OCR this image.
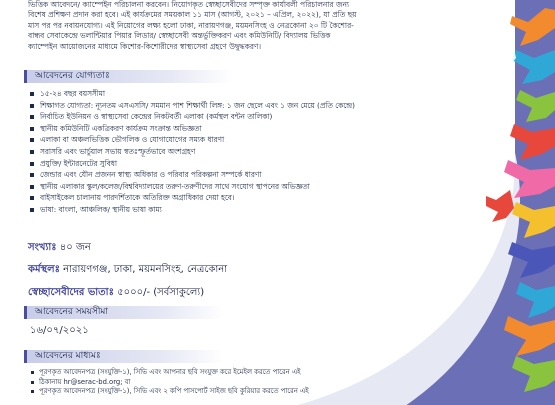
ভিত্তিক আবেদনে/ ক্যাম্পেইন পরিচালনা করবেন। নিয়োগকৃত স্বেচ্ছাসেবীদের সম্পৃক্ত কার্যাবলী পরিচালনার জন্য
বিশেষ প্রশিক্ষণ প্রদান করা হবে। এই কার্যক্রমের সময়কাল ১১ মাস (আগস্ট, ২০২১ – এপ্রিল, ২০২২), যা প্রতি ছয়
মাস পর পর নবায়নযোগ্য। এই নিয়োগের লক্ষ্য হলো ঢাকা, নারায়ণগঞ্জ, ময়মনসিংহ ও নেত্রকোনা ২০ টি কৈশোর-
বান্ধব সেবাকেন্দ্রে ভলান্টিয়ার পিয়ার লিডার/ স্বেচ্ছাসেবী অন্তর্ভুক্তিকরণ এবং কমিউনিটি/ বিদ্যালয় ভিত্তিক
ক্যাম্পেইন আয়োজনের মাধ্যমে কিশোর-কিশোরীদের স্বাস্থ্যসেবা গ্রহণে উদ্বুদ্ধকরণ।
আবেদনের যোগ্যতাঃ
১৫-২৪ বছর বয়সসীমা
শিক্ষাগত যোগ্যতা: ন্যূনতম এসএসসি/ সমমান পাশ শিক্ষার্থী লিঙ্গ: ১ জন ছেলে এবং ১ জন মেয়ে (প্রতি কেন্দ্রে)
নির্বাচিত ইউনিয়ন ও স্বাস্থ্যসেবা কেন্দ্রের নিকটবর্তী এলাকা (কর্মস্থল বন্টন তালিকা)
স্থানীয় কমিউনিটি একত্রিকরণ কার্যক্রম সংক্রান্ত অভিজ্ঞতা
এলাকা বা অঞ্চলভিত্তিক ভৌগলিক ও যোগাযোগের সম্যক ধারণা
সরাসরি এবং ভার্চুয়াল সভায় স্বতঃস্ফূর্তভাবে অংশগ্রহণ
প্রযুক্তি/ ইন্টারনেটের সুবিধা
জেন্ডার এবং যৌন প্রজনন স্বাস্থ্য অধিকার ও পরিবার পরিকল্পনা সম্পর্কে ধারণা
স্থানীয় এলাকার স্কুল/কলেজ/বিশ্ববিদ্যালয়ের তরুণ-তরুণীদের সাথে সংযোগ স্থাপনের অভিজ্ঞতা
বাইসাইকেল চালানায় পারদর্শিতাকে অতিরিক্ত অগ্রাধিকার দেয়া হবে।
ভাষা: বাংলা, আঞ্চলিক/ স্থানীয় ভাষা কাম্য
সংখ্যাঃ ৪০ জন
কর্মস্থলঃ নারায়ণগঞ্জ, ঢাকা, ময়মনসিংহ, নেত্রকোনা
স্বেচ্ছাসেবীদের ভাতাঃ ৫০০০/- (সর্বসাকুল্যে)
আবেদনের সময়সীমা
১৬/০৭/২০২১
আবেদনের মাধ্যমঃ
পূরণকৃত আবেদনপত্র (সংযুক্তি-১), সিভি এবং আপনার ছবি সংযুক্ত করে ইমেইল করতে পারেন এই
ঠিকানায় hr@serac-bd.org; বা
পূরণকৃত আবেদনপত্র (সংযুক্তি-১), সিভি এবং ২ কপি পাসপোর্ট সাইজ ছবি কুরিয়ার করতে পারেন এই
